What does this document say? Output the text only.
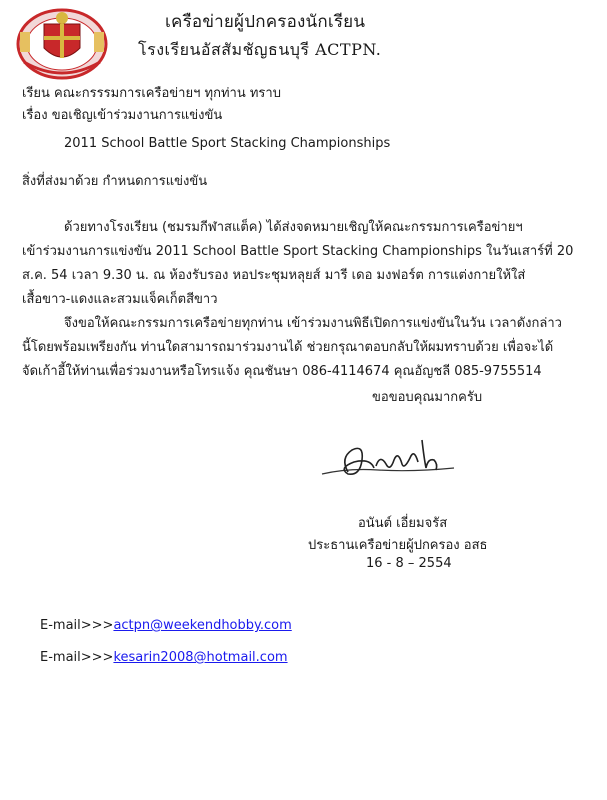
เครือข่ายผู้ปกครองนักเรียน
โรงเรียนอัสสัมชัญธนบุรี ACTPN.
เรียน คณะกรรรมการเครือข่ายฯ ทุกท่าน ทราบ
เรื่อง ขอเชิญเข้าร่วมงานการแข่งขัน
2011 School Battle Sport Stacking Championships
สิ่งที่ส่งมาด้วย กำหนดการแข่งขัน
ด้วยทางโรงเรียน (ชมรมกีฬาสแต็ค) ได้ส่งจดหมายเชิญให้คณะกรรมการเครือข่ายฯ
เข้าร่วมงานการแข่งขัน 2011 School Battle Sport Stacking Championships ในวันเสาร์ที่ 20
ส.ค. 54 เวลา 9.30 น. ณ ห้องรับรอง หอประชุมหลุยส์ มารี เดอ มงฟอร์ต การแต่งกายให้ใส่
เสื้อขาว-แดงและสวมแจ็คเก็ตสีขาว
จึงขอให้คณะกรรมการเครือข่ายทุกท่าน เข้าร่วมงานพิธีเปิดการแข่งขันในวัน เวลาดังกล่าว
นี้โดยพร้อมเพรียงกัน ท่านใดสามารถมาร่วมงานได้ ช่วยกรุณาตอบกลับให้ผมทราบด้วย เพื่อจะได้
จัดเก้าอี้ให้ท่านเพื่อร่วมงานหรือโทรแจ้ง คุณชันษา 086-4114674 คุณอัญชลี 085-9755514
ขอขอบคุณมากครับ
อนันต์ เอี่ยมจรัส
ประธานเครือข่ายผู้ปกครอง อสธ
16 - 8 – 2554
E-mail>>>actpn@weekendhobby.com
E-mail>>>kesarin2008@hotmail.com
